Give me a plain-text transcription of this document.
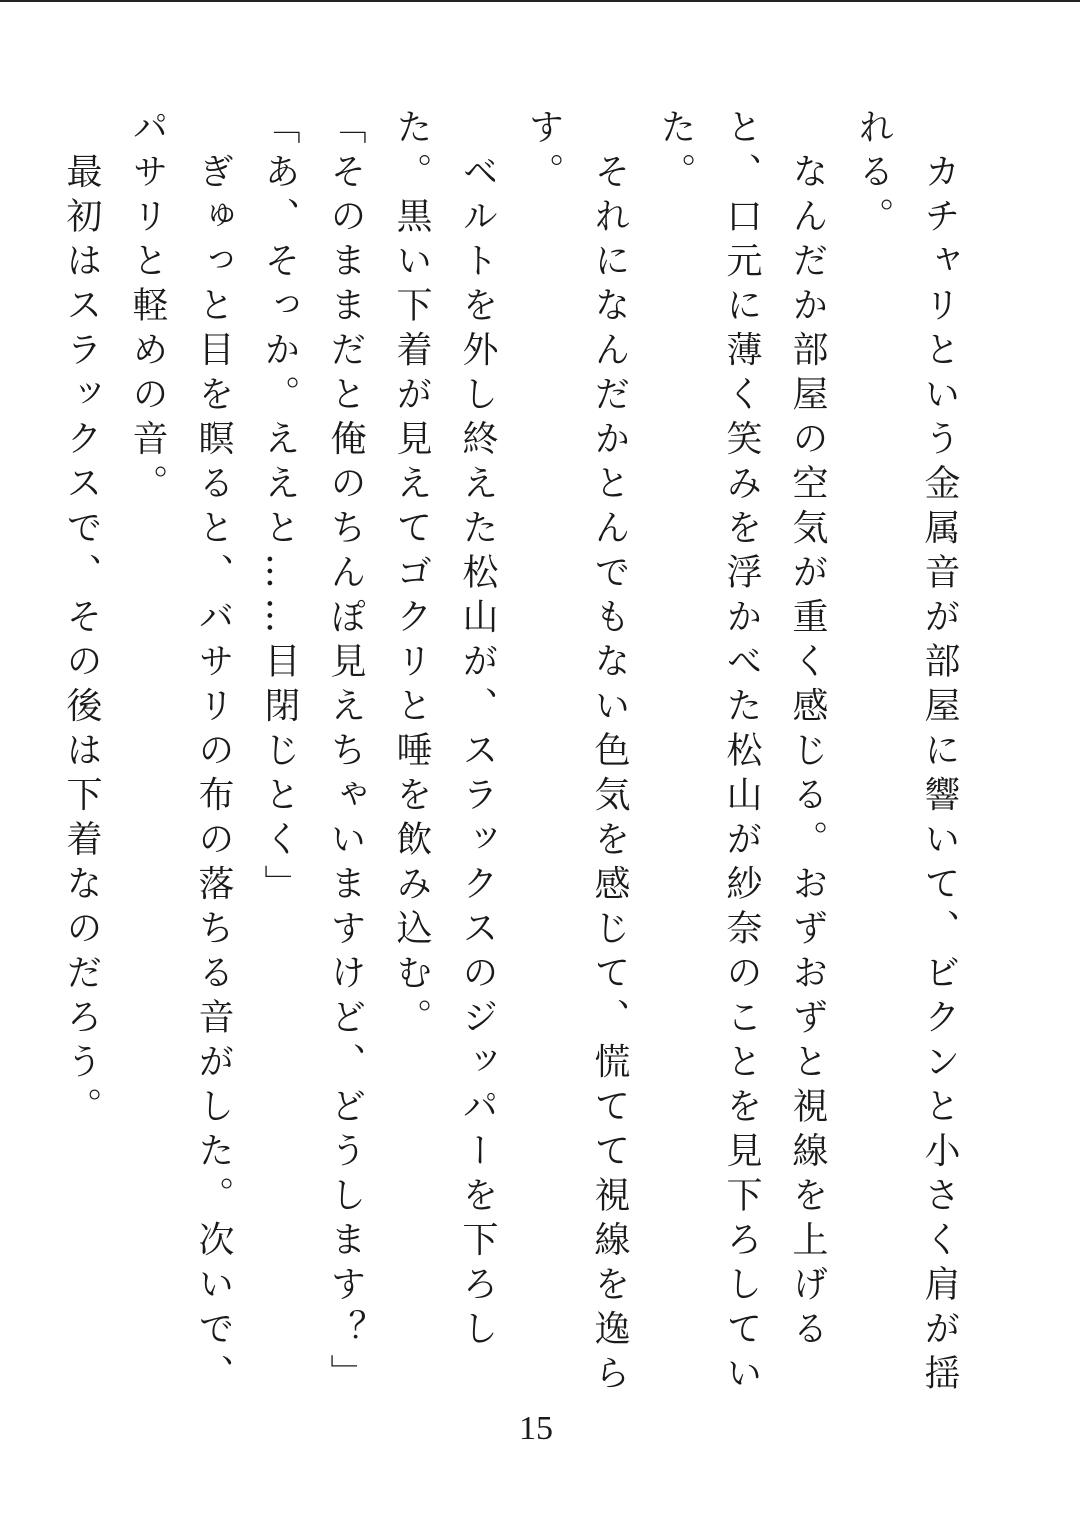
　カチャリという金属音が部屋に響いて、ビクンと小さく肩が揺れる。

　なんだか部屋の空気が重く感じる。おずおずと視線を上げると、口元に薄く笑みを浮かべた松山が紗奈のことを見下ろしていた。

　それになんだかとんでもない色気を感じて、慌てて視線を逸らす。

　ベルトを外し終えた松山が、スラックスのジッパーを下ろした。黒い下着が見えてゴクリと唾を飲み込む。

「そのままだと俺のちんぽ見えちゃいますけど、どうします？」

「あ、そっか。ええと……目閉じとく」

　ぎゅっと目を瞑ると、バサリの布の落ちる音がした。次いで、パサリと軽めの音。

　最初はスラックスで、その後は下着なのだろう。

15
